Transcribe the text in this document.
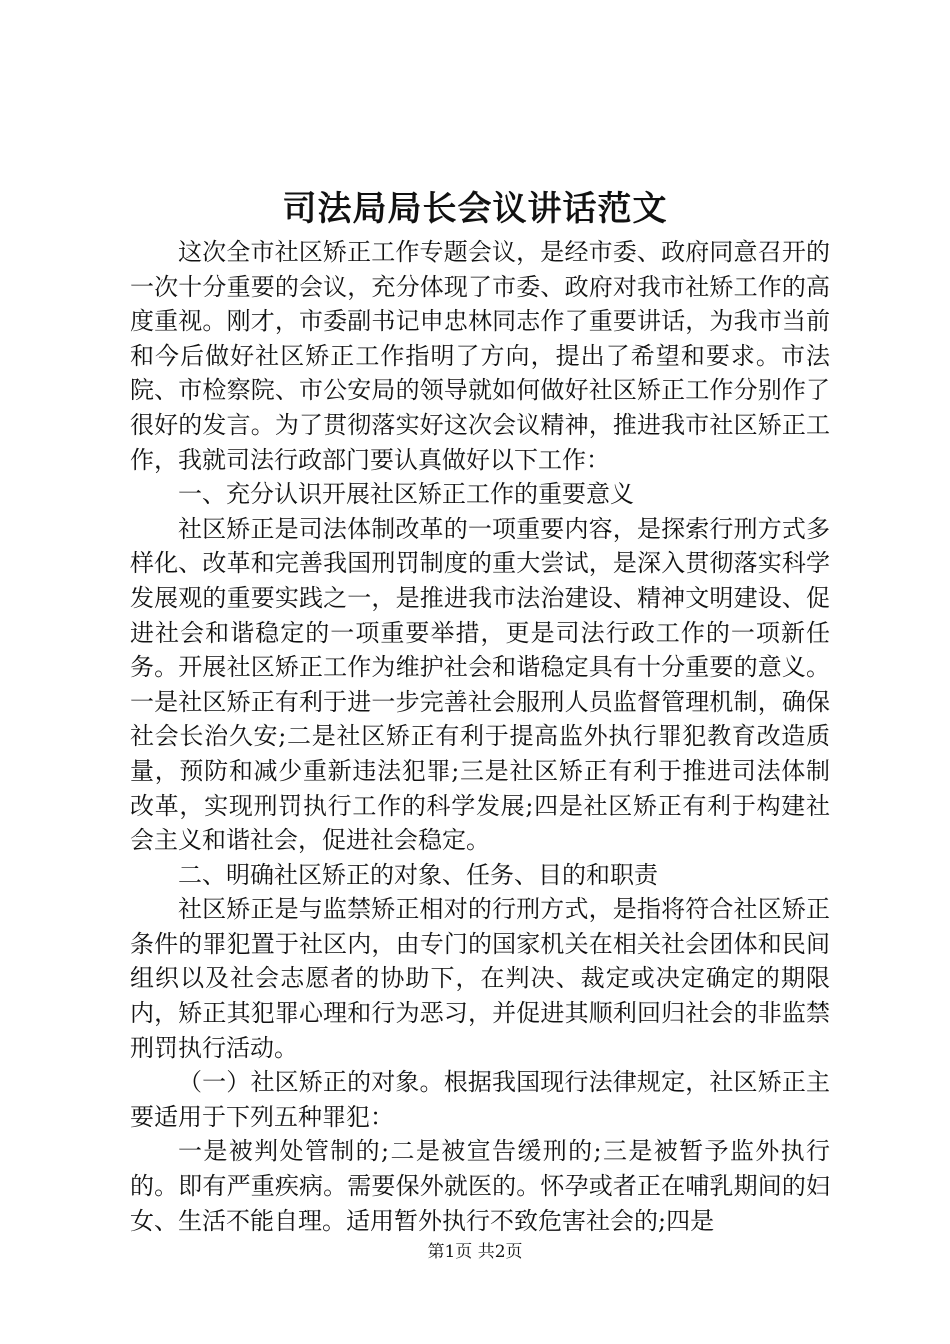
司法局局长会议讲话范文

这次全市社区矫正工作专题会议，是经市委、政府同意召开的一次十分重要的会议，充分体现了市委、政府对我市社矫工作的高度重视。刚才，市委副书记申忠林同志作了重要讲话，为我市当前和今后做好社区矫正工作指明了方向，提出了希望和要求。市法院、市检察院、市公安局的领导就如何做好社区矫正工作分别作了很好的发言。为了贯彻落实好这次会议精神，推进我市社区矫正工作，我就司法行政部门要认真做好以下工作：

一、充分认识开展社区矫正工作的重要意义

社区矫正是司法体制改革的一项重要内容，是探索行刑方式多样化、改革和完善我国刑罚制度的重大尝试，是深入贯彻落实科学发展观的重要实践之一，是推进我市法治建设、精神文明建设、促进社会和谐稳定的一项重要举措，更是司法行政工作的一项新任务。开展社区矫正工作为维护社会和谐稳定具有十分重要的意义。一是社区矫正有利于进一步完善社会服刑人员监督管理机制，确保社会长治久安;二是社区矫正有利于提高监外执行罪犯教育改造质量，预防和减少重新违法犯罪;三是社区矫正有利于推进司法体制改革，实现刑罚执行工作的科学发展;四是社区矫正有利于构建社会主义和谐社会，促进社会稳定。

二、明确社区矫正的对象、任务、目的和职责

社区矫正是与监禁矫正相对的行刑方式，是指将符合社区矫正条件的罪犯置于社区内，由专门的国家机关在相关社会团体和民间组织以及社会志愿者的协助下，在判决、裁定或决定确定的期限内，矫正其犯罪心理和行为恶习，并促进其顺利回归社会的非监禁刑罚执行活动。

（一）社区矫正的对象。根据我国现行法律规定，社区矫正主要适用于下列五种罪犯：

一是被判处管制的;二是被宣告缓刑的;三是被暂予监外执行的。即有严重疾病。需要保外就医的。怀孕或者正在哺乳期间的妇女、生活不能自理。适用暂外执行不致危害社会的;四是

第1页 共2页
